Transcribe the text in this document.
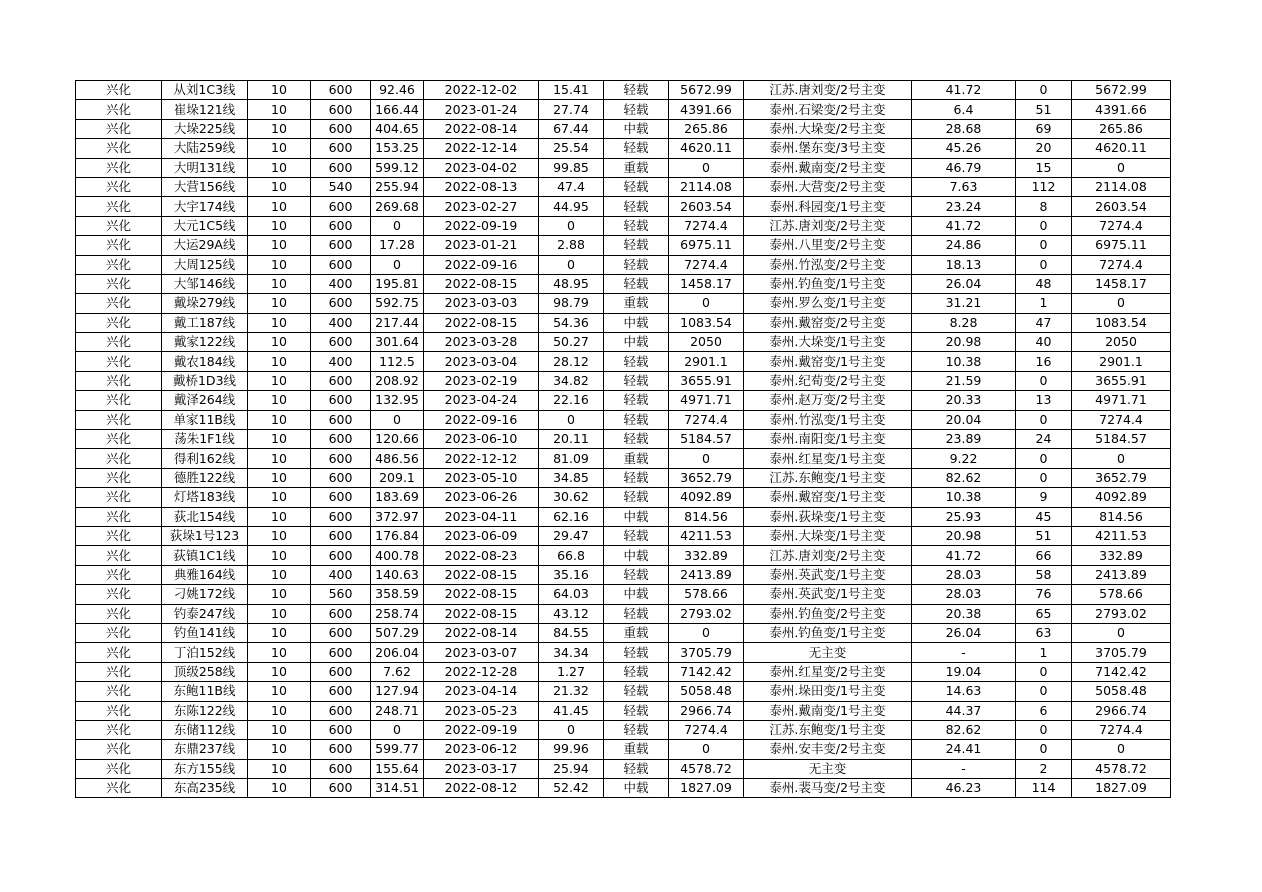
兴化	从刘1C3线	10	600	92.46	2022-12-02	15.41	轻载	5672.99	江苏.唐刘变/2号主变	41.72	0	5672.99
兴化	崔垛121线	10	600	166.44	2023-01-24	27.74	轻载	4391.66	泰州.石梁变/2号主变	6.4	51	4391.66
兴化	大垛225线	10	600	404.65	2022-08-14	67.44	中载	265.86	泰州.大垛变/2号主变	28.68	69	265.86
兴化	大陆259线	10	600	153.25	2022-12-14	25.54	轻载	4620.11	泰州.堡东变/3号主变	45.26	20	4620.11
兴化	大明131线	10	600	599.12	2023-04-02	99.85	重载	0	泰州.戴南变/2号主变	46.79	15	0
兴化	大营156线	10	540	255.94	2022-08-13	47.4	轻载	2114.08	泰州.大营变/2号主变	7.63	112	2114.08
兴化	大宇174线	10	600	269.68	2023-02-27	44.95	轻载	2603.54	泰州.科园变/1号主变	23.24	8	2603.54
兴化	大元1C5线	10	600	0	2022-09-19	0	轻载	7274.4	江苏.唐刘变/2号主变	41.72	0	7274.4
兴化	大运29A线	10	600	17.28	2023-01-21	2.88	轻载	6975.11	泰州.八里变/2号主变	24.86	0	6975.11
兴化	大周125线	10	600	0	2022-09-16	0	轻载	7274.4	泰州.竹泓变/2号主变	18.13	0	7274.4
兴化	大邹146线	10	400	195.81	2022-08-15	48.95	轻载	1458.17	泰州.钓鱼变/1号主变	26.04	48	1458.17
兴化	戴垛279线	10	600	592.75	2023-03-03	98.79	重载	0	泰州.罗么变/1号主变	31.21	1	0
兴化	戴工187线	10	400	217.44	2022-08-15	54.36	中载	1083.54	泰州.戴窑变/2号主变	8.28	47	1083.54
兴化	戴家122线	10	600	301.64	2023-03-28	50.27	中载	2050	泰州.大垛变/1号主变	20.98	40	2050
兴化	戴农184线	10	400	112.5	2023-03-04	28.12	轻载	2901.1	泰州.戴窑变/1号主变	10.38	16	2901.1
兴化	戴桥1D3线	10	600	208.92	2023-02-19	34.82	轻载	3655.91	泰州.纪荀变/2号主变	21.59	0	3655.91
兴化	戴泽264线	10	600	132.95	2023-04-24	22.16	轻载	4971.71	泰州.赵万变/2号主变	20.33	13	4971.71
兴化	单家11B线	10	600	0	2022-09-16	0	轻载	7274.4	泰州.竹泓变/1号主变	20.04	0	7274.4
兴化	荡朱1F1线	10	600	120.66	2023-06-10	20.11	轻载	5184.57	泰州.南阳变/1号主变	23.89	24	5184.57
兴化	得利162线	10	600	486.56	2022-12-12	81.09	重载	0	泰州.红星变/1号主变	9.22	0	0
兴化	德胜122线	10	600	209.1	2023-05-10	34.85	轻载	3652.79	江苏.东鲍变/1号主变	82.62	0	3652.79
兴化	灯塔183线	10	600	183.69	2023-06-26	30.62	轻载	4092.89	泰州.戴窑变/1号主变	10.38	9	4092.89
兴化	荻北154线	10	600	372.97	2023-04-11	62.16	中载	814.56	泰州.荻垛变/1号主变	25.93	45	814.56
兴化	荻垛1号123	10	600	176.84	2023-06-09	29.47	轻载	4211.53	泰州.大垛变/1号主变	20.98	51	4211.53
兴化	荻镇1C1线	10	600	400.78	2022-08-23	66.8	中载	332.89	江苏.唐刘变/2号主变	41.72	66	332.89
兴化	典雅164线	10	400	140.63	2022-08-15	35.16	轻载	2413.89	泰州.英武变/1号主变	28.03	58	2413.89
兴化	刁姚172线	10	560	358.59	2022-08-15	64.03	中载	578.66	泰州.英武变/1号主变	28.03	76	578.66
兴化	钓泰247线	10	600	258.74	2022-08-15	43.12	轻载	2793.02	泰州.钓鱼变/2号主变	20.38	65	2793.02
兴化	钓鱼141线	10	600	507.29	2022-08-14	84.55	重载	0	泰州.钓鱼变/1号主变	26.04	63	0
兴化	丁泊152线	10	600	206.04	2023-03-07	34.34	轻载	3705.79	无主变	-	1	3705.79
兴化	顶级258线	10	600	7.62	2022-12-28	1.27	轻载	7142.42	泰州.红星变/2号主变	19.04	0	7142.42
兴化	东鲍11B线	10	600	127.94	2023-04-14	21.32	轻载	5058.48	泰州.垛田变/1号主变	14.63	0	5058.48
兴化	东陈122线	10	600	248.71	2023-05-23	41.45	轻载	2966.74	泰州.戴南变/1号主变	44.37	6	2966.74
兴化	东储112线	10	600	0	2022-09-19	0	轻载	7274.4	江苏.东鲍变/1号主变	82.62	0	7274.4
兴化	东鼎237线	10	600	599.77	2023-06-12	99.96	重载	0	泰州.安丰变/2号主变	24.41	0	0
兴化	东方155线	10	600	155.64	2023-03-17	25.94	轻载	4578.72	无主变	-	2	4578.72
兴化	东高235线	10	600	314.51	2022-08-12	52.42	中载	1827.09	泰州.裴马变/2号主变	46.23	114	1827.09
